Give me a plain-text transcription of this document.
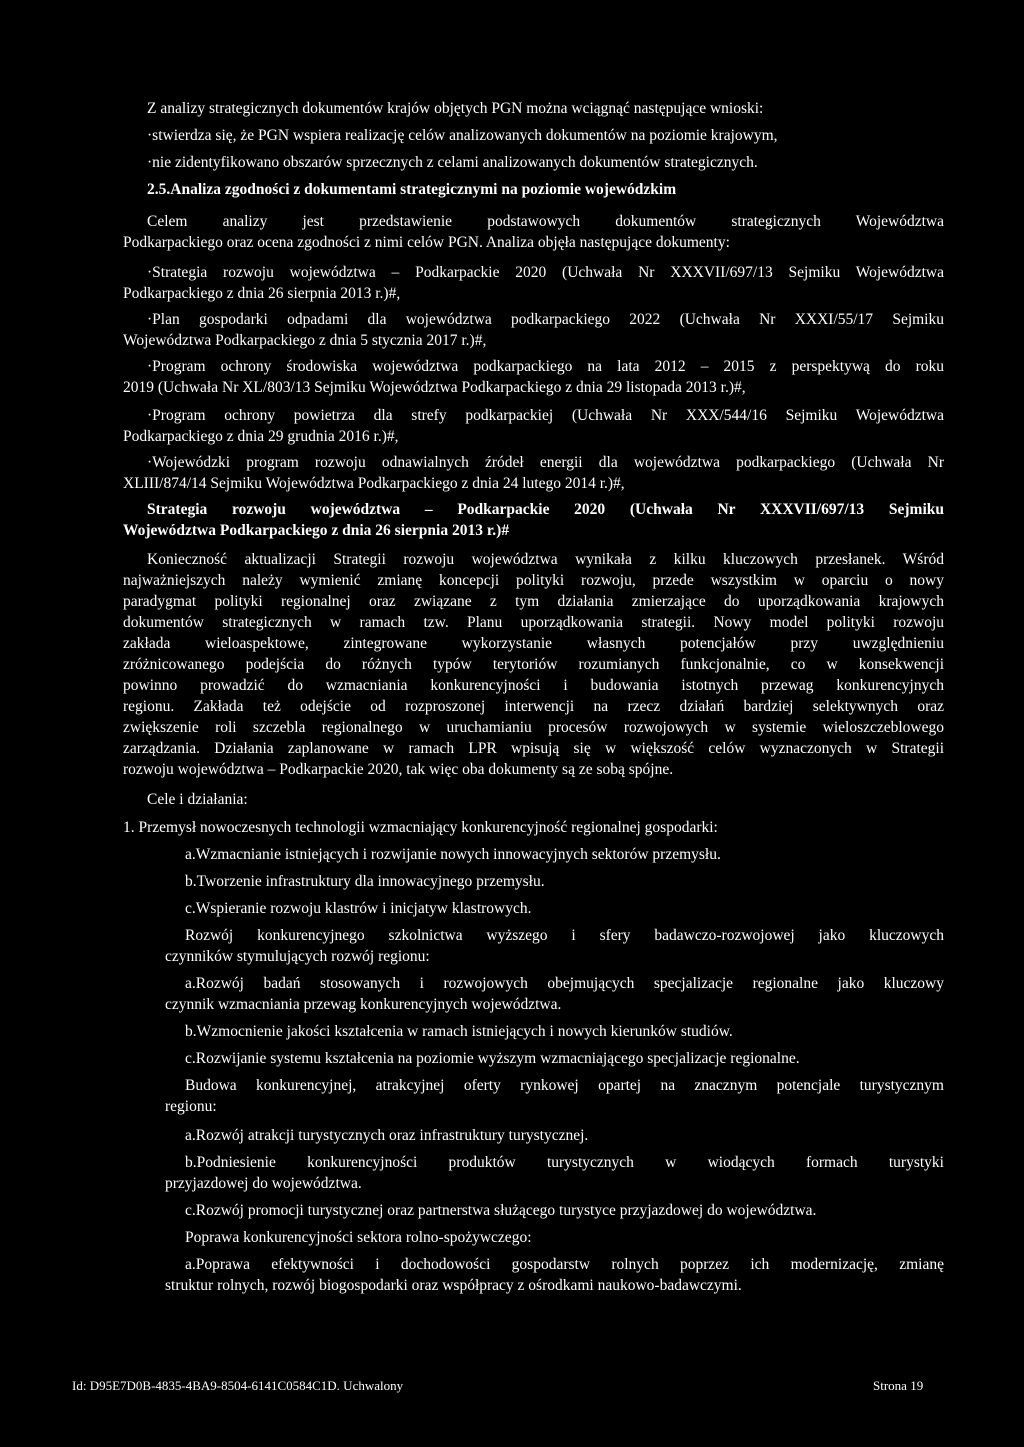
Z analizy strategicznych dokumentów krajów objętych PGN można wciągnąć następujące wnioski:

·stwierdza się, że PGN wspiera realizację celów analizowanych dokumentów na poziomie krajowym,

·nie zidentyfikowano obszarów sprzecznych z celami analizowanych dokumentów strategicznych.

2.5.Analiza zgodności z dokumentami strategicznymi na poziomie wojewódzkim

Celem analizy jest przedstawienie podstawowych dokumentów strategicznych Województwa

Podkarpackiego oraz ocena zgodności z nimi celów PGN. Analiza objęła następujące dokumenty:

·Strategia rozwoju województwa – Podkarpackie 2020 (Uchwała Nr XXXVII/697/13 Sejmiku Województwa

Podkarpackiego z dnia 26 sierpnia 2013 r.)#,

·Plan gospodarki odpadami dla województwa podkarpackiego 2022 (Uchwała Nr XXXI/55/17 Sejmiku

Województwa Podkarpackiego z dnia 5 stycznia 2017 r.)#,

·Program ochrony środowiska województwa podkarpackiego na lata 2012 – 2015 z perspektywą do roku

2019 (Uchwała Nr XL/803/13 Sejmiku Województwa Podkarpackiego z dnia 29 listopada 2013 r.)#,

·Program ochrony powietrza dla strefy podkarpackiej (Uchwała Nr XXX/544/16 Sejmiku Województwa

Podkarpackiego z dnia 29 grudnia 2016 r.)#,

·Wojewódzki program rozwoju odnawialnych źródeł energii dla województwa podkarpackiego (Uchwała Nr

XLIII/874/14 Sejmiku Województwa Podkarpackiego z dnia 24 lutego 2014 r.)#,

Strategia rozwoju województwa – Podkarpackie 2020 (Uchwała Nr XXXVII/697/13 Sejmiku

Województwa Podkarpackiego z dnia 26 sierpnia 2013 r.)#

Konieczność aktualizacji Strategii rozwoju województwa wynikała z kilku kluczowych przesłanek. Wśród

najważniejszych należy wymienić zmianę koncepcji polityki rozwoju, przede wszystkim w oparciu o nowy

paradygmat polityki regionalnej oraz związane z tym działania zmierzające do uporządkowania krajowych

dokumentów strategicznych w ramach tzw. Planu uporządkowania strategii. Nowy model polityki rozwoju

zakłada wieloaspektowe, zintegrowane wykorzystanie własnych potencjałów przy uwzględnieniu

zróżnicowanego podejścia do różnych typów terytoriów rozumianych funkcjonalnie, co w konsekwencji

powinno prowadzić do wzmacniania konkurencyjności i budowania istotnych przewag konkurencyjnych

regionu. Zakłada też odejście od rozproszonej interwencji na rzecz działań bardziej selektywnych oraz

zwiększenie roli szczebla regionalnego w uruchamianiu procesów rozwojowych w systemie wieloszczeblowego

zarządzania. Działania zaplanowane w ramach LPR wpisują się w większość celów wyznaczonych w Strategii

rozwoju województwa – Podkarpackie 2020, tak więc oba dokumenty są ze sobą spójne.

Cele i działania:

1. Przemysł nowoczesnych technologii wzmacniający konkurencyjność regionalnej gospodarki:

a.Wzmacnianie istniejących i rozwijanie nowych innowacyjnych sektorów przemysłu.

b.Tworzenie infrastruktury dla innowacyjnego przemysłu.

c.Wspieranie rozwoju klastrów i inicjatyw klastrowych.

Rozwój konkurencyjnego szkolnictwa wyższego i sfery badawczo-rozwojowej jako kluczowych

czynników stymulujących rozwój regionu:

a.Rozwój badań stosowanych i rozwojowych obejmujących specjalizacje regionalne jako kluczowy

czynnik wzmacniania przewag konkurencyjnych województwa.

b.Wzmocnienie jakości kształcenia w ramach istniejących i nowych kierunków studiów.

c.Rozwijanie systemu kształcenia na poziomie wyższym wzmacniającego specjalizacje regionalne.

Budowa konkurencyjnej, atrakcyjnej oferty rynkowej opartej na znacznym potencjale turystycznym

regionu:

a.Rozwój atrakcji turystycznych oraz infrastruktury turystycznej.

b.Podniesienie konkurencyjności produktów turystycznych w wiodących formach turystyki

przyjazdowej do województwa.

c.Rozwój promocji turystycznej oraz partnerstwa służącego turystyce przyjazdowej do województwa.

Poprawa konkurencyjności sektora rolno-spożywczego:

a.Poprawa efektywności i dochodowości gospodarstw rolnych poprzez ich modernizację, zmianę

struktur rolnych, rozwój biogospodarki oraz współpracy z ośrodkami naukowo-badawczymi.

Id: D95E7D0B-4835-4BA9-8504-6141C0584C1D. Uchwalony	Strona 19
